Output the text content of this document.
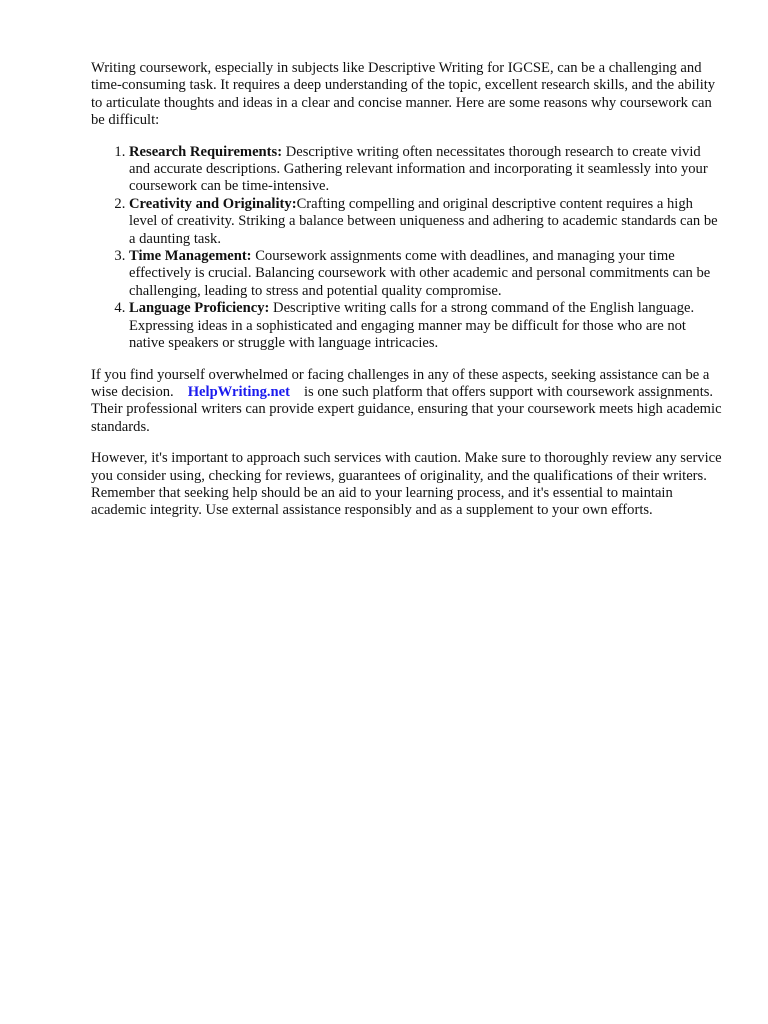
Writing coursework, especially in subjects like Descriptive Writing for IGCSE, can be a challenging and time-consuming task. It requires a deep understanding of the topic, excellent research skills, and the ability to articulate thoughts and ideas in a clear and concise manner. Here are some reasons why coursework can be difficult:

1. Research Requirements: Descriptive writing often necessitates thorough research to create vivid and accurate descriptions. Gathering relevant information and incorporating it seamlessly into your coursework can be time-intensive.
2. Creativity and Originality:Crafting compelling and original descriptive content requires a high level of creativity. Striking a balance between uniqueness and adhering to academic standards can be a daunting task.
3. Time Management: Coursework assignments come with deadlines, and managing your time effectively is crucial. Balancing coursework with other academic and personal commitments can be challenging, leading to stress and potential quality compromise.
4. Language Proficiency: Descriptive writing calls for a strong command of the English language. Expressing ideas in a sophisticated and engaging manner may be difficult for those who are not native speakers or struggle with language intricacies.

If you find yourself overwhelmed or facing challenges in any of these aspects, seeking assistance can be a wise decision. HelpWriting.net is one such platform that offers support with coursework assignments. Their professional writers can provide expert guidance, ensuring that your coursework meets high academic standards.

However, it's important to approach such services with caution. Make sure to thoroughly review any service you consider using, checking for reviews, guarantees of originality, and the qualifications of their writers. Remember that seeking help should be an aid to your learning process, and it's essential to maintain academic integrity. Use external assistance responsibly and as a supplement to your own efforts.
